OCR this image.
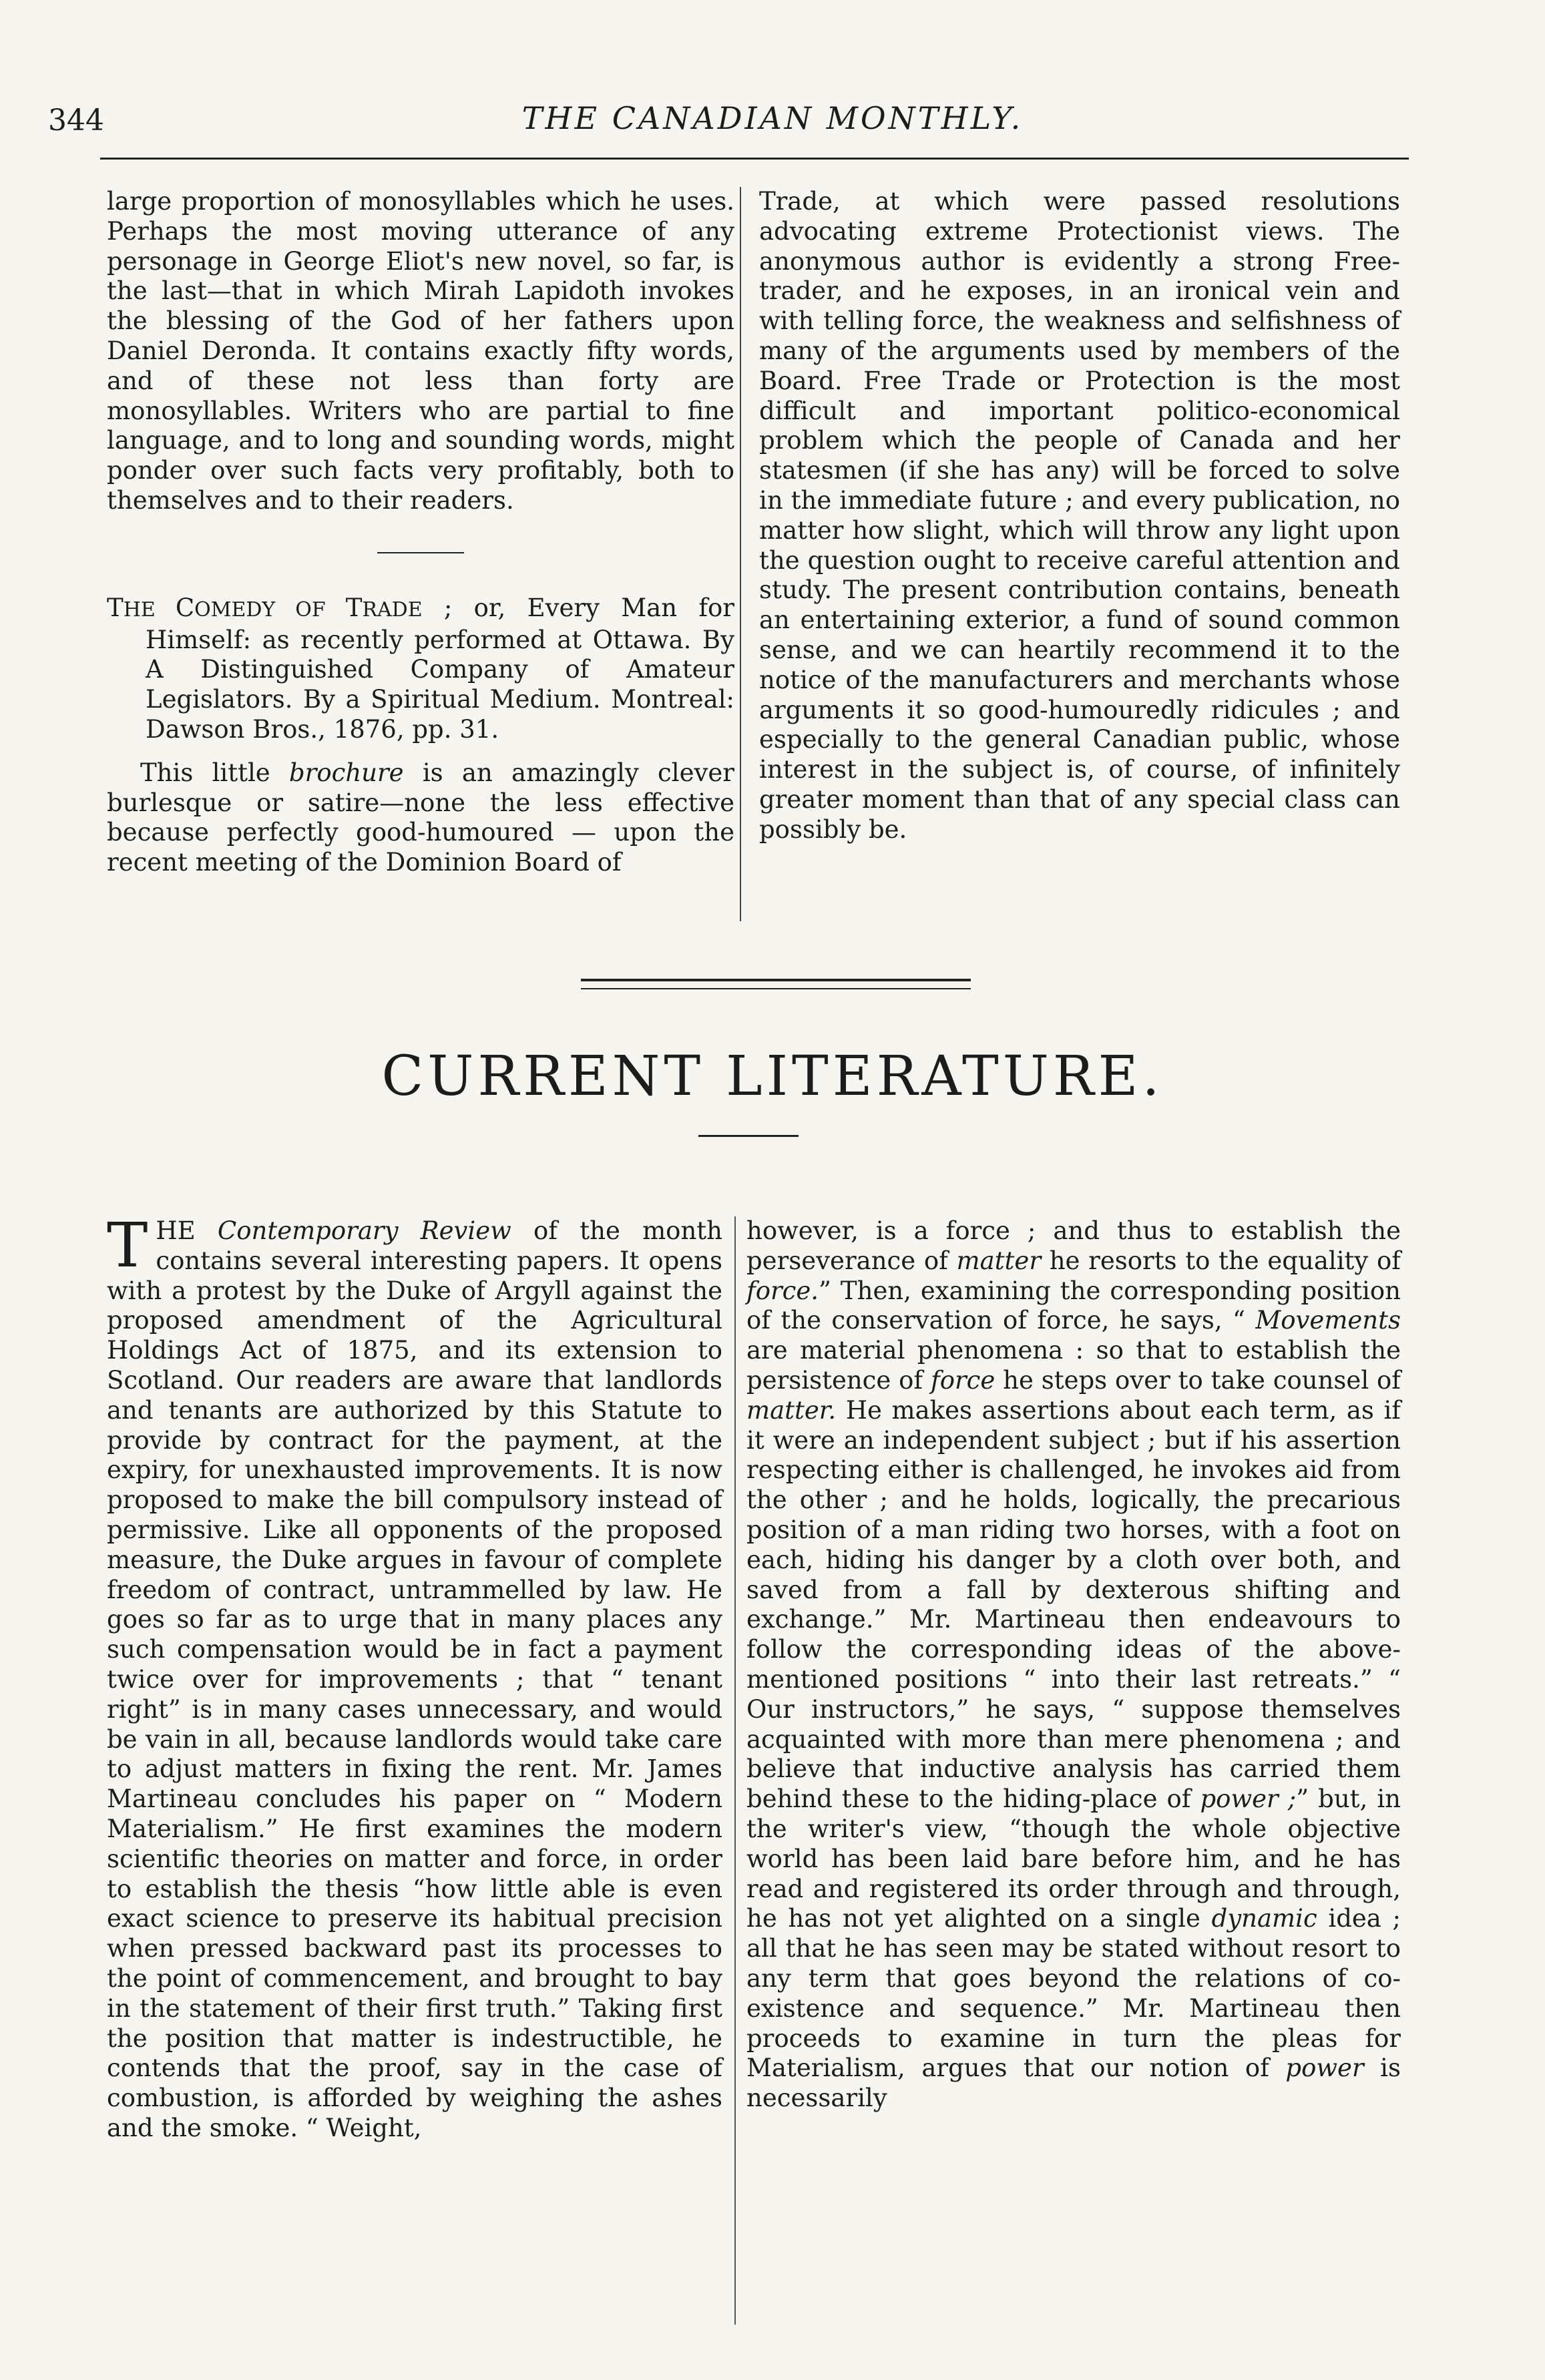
344	THE CANADIAN MONTHLY.

large proportion of monosyllables which he uses. Perhaps the most moving utterance of any personage in George Eliot's new novel, so far, is the last—that in which Mirah Lapidoth invokes the blessing of the God of her fathers upon Daniel Deronda. It contains exactly fifty words, and of these not less than forty are monosyllables. Writers who are partial to fine language, and to long and sounding words, might ponder over such facts very profitably, both to themselves and to their readers.

THE COMEDY OF TRADE ; or, Every Man for Himself: as recently performed at Ottawa. By A Distinguished Company of Amateur Legislators. By a Spiritual Medium. Montreal: Dawson Bros., 1876, pp. 31.

This little brochure is an amazingly clever burlesque or satire—none the less effective because perfectly good-humoured — upon the recent meeting of the Dominion Board of

Trade, at which were passed resolutions advocating extreme Protectionist views. The anonymous author is evidently a strong Free-trader, and he exposes, in an ironical vein and with telling force, the weakness and selfishness of many of the arguments used by members of the Board. Free Trade or Protection is the most difficult and important politico-economical problem which the people of Canada and her statesmen (if she has any) will be forced to solve in the immediate future ; and every publication, no matter how slight, which will throw any light upon the question ought to receive careful attention and study. The present contribution contains, beneath an entertaining exterior, a fund of sound common sense, and we can heartily recommend it to the notice of the manufacturers and merchants whose arguments it so good-humouredly ridicules ; and especially to the general Canadian public, whose interest in the subject is, of course, of infinitely greater moment than that of any special class can possibly be.

CURRENT LITERATURE.

THE Contemporary Review of the month contains several interesting papers. It opens with a protest by the Duke of Argyll against the proposed amendment of the Agricultural Holdings Act of 1875, and its extension to Scotland. Our readers are aware that landlords and tenants are authorized by this Statute to provide by contract for the payment, at the expiry, for unexhausted improvements. It is now proposed to make the bill compulsory instead of permissive. Like all opponents of the proposed measure, the Duke argues in favour of complete freedom of contract, untrammelled by law. He goes so far as to urge that in many places any such compensation would be in fact a payment twice over for improvements ; that “ tenant right” is in many cases unnecessary, and would be vain in all, because landlords would take care to adjust matters in fixing the rent. Mr. James Martineau concludes his paper on “ Modern Materialism.” He first examines the modern scientific theories on matter and force, in order to establish the thesis “how little able is even exact science to preserve its habitual precision when pressed backward past its processes to the point of commencement, and brought to bay in the statement of their first truth.” Taking first the position that matter is indestructible, he contends that the proof, say in the case of combustion, is afforded by weighing the ashes and the smoke. “ Weight,

however, is a force ; and thus to establish the perseverance of matter he resorts to the equality of force.” Then, examining the corresponding position of the conservation of force, he says, “ Movements are material phenomena : so that to establish the persistence of force he steps over to take counsel of matter. He makes assertions about each term, as if it were an independent subject ; but if his assertion respecting either is challenged, he invokes aid from the other ; and he holds, logically, the precarious position of a man riding two horses, with a foot on each, hiding his danger by a cloth over both, and saved from a fall by dexterous shifting and exchange.” Mr. Martineau then endeavours to follow the corresponding ideas of the above-mentioned positions “ into their last retreats.” “ Our instructors,” he says, “ suppose themselves acquainted with more than mere phenomena ; and believe that inductive analysis has carried them behind these to the hiding-place of power ;” but, in the writer's view, “though the whole objective world has been laid bare before him, and he has read and registered its order through and through, he has not yet alighted on a single dynamic idea ; all that he has seen may be stated without resort to any term that goes beyond the relations of co-existence and sequence.” Mr. Martineau then proceeds to examine in turn the pleas for Materialism, argues that our notion of power is necessarily
